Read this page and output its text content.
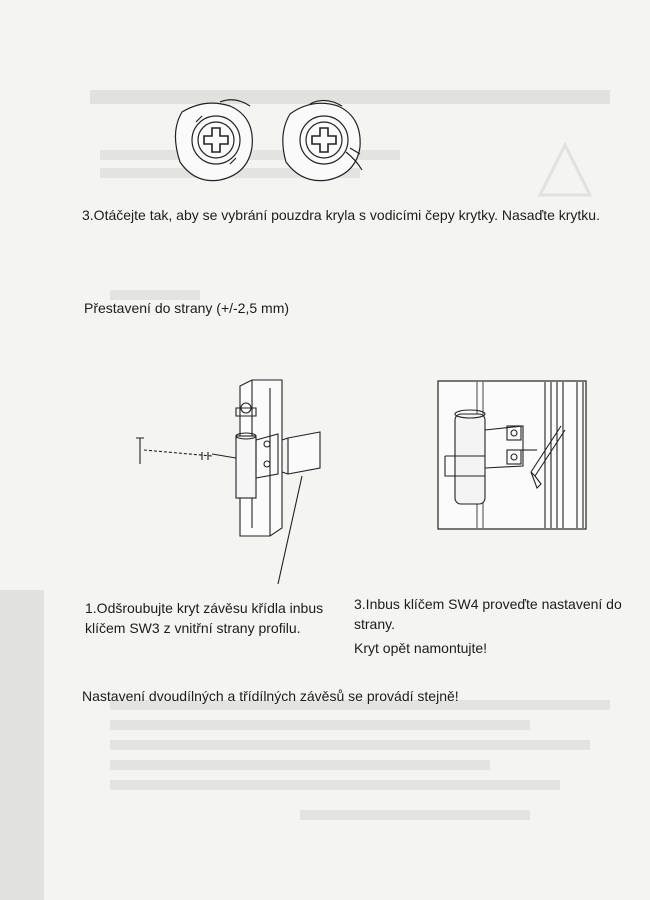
3.Otáčejte tak, aby se vybrání pouzdra kryla s vodicími čepy krytky. Nasaďte krytku.

Přestavení do strany (+/-2,5 mm)

1.Odšroubujte kryt závěsu křídla inbus klíčem SW3 z vnitřní strany profilu.

3.Inbus klíčem SW4 proveďte nastavení do strany.

Kryt opět namontujte!

Nastavení dvoudílných a třídílných závěsů se provádí stejně!
